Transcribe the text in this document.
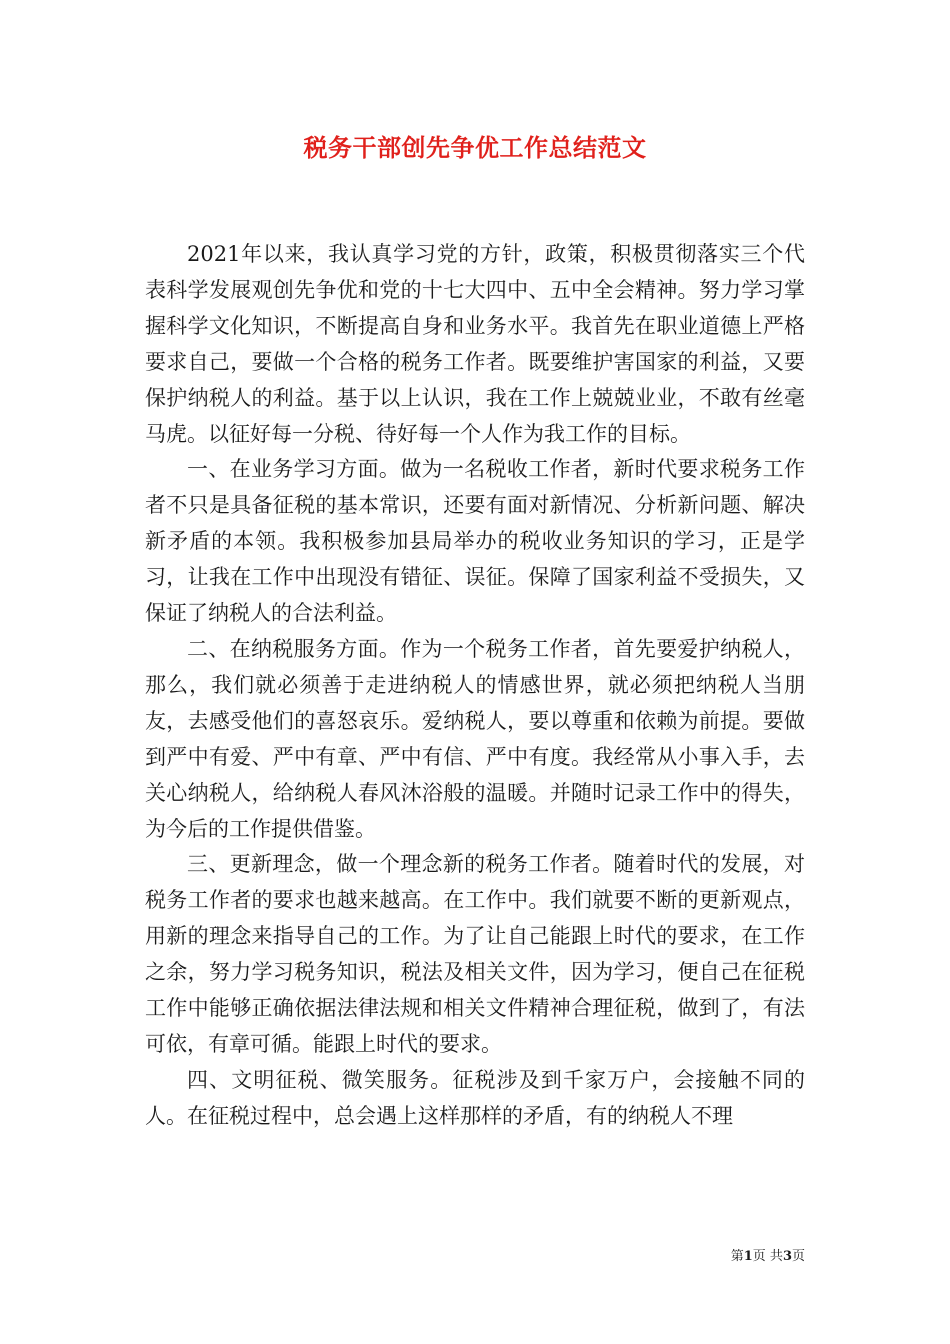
税务干部创先争优工作总结范文

2021年以来，我认真学习党的方针，政策，积极贯彻落实三个代表科学发展观创先争优和党的十七大四中、五中全会精神。努力学习掌握科学文化知识，不断提高自身和业务水平。我首先在职业道德上严格要求自己，要做一个合格的税务工作者。既要维护害国家的利益，又要保护纳税人的利益。基于以上认识，我在工作上兢兢业业，不敢有丝毫马虎。以征好每一分税、待好每一个人作为我工作的目标。

一、在业务学习方面。做为一名税收工作者，新时代要求税务工作者不只是具备征税的基本常识，还要有面对新情况、分析新问题、解决新矛盾的本领。我积极参加县局举办的税收业务知识的学习，正是学习，让我在工作中出现没有错征、误征。保障了国家利益不受损失，又保证了纳税人的合法利益。

二、在纳税服务方面。作为一个税务工作者，首先要爱护纳税人，那么，我们就必须善于走进纳税人的情感世界，就必须把纳税人当朋友，去感受他们的喜怒哀乐。爱纳税人，要以尊重和依赖为前提。要做到严中有爱、严中有章、严中有信、严中有度。我经常从小事入手，去关心纳税人，给纳税人春风沐浴般的温暖。并随时记录工作中的得失，为今后的工作提供借鉴。

三、更新理念，做一个理念新的税务工作者。随着时代的发展，对税务工作者的要求也越来越高。在工作中。我们就要不断的更新观点，用新的理念来指导自己的工作。为了让自己能跟上时代的要求，在工作之余，努力学习税务知识，税法及相关文件，因为学习，便自己在征税工作中能够正确依据法律法规和相关文件精神合理征税，做到了，有法可依，有章可循。能跟上时代的要求。

四、文明征税、微笑服务。征税涉及到千家万户，会接触不同的人。在征税过程中，总会遇上这样那样的矛盾，有的纳税人不理

第1页 共3页
